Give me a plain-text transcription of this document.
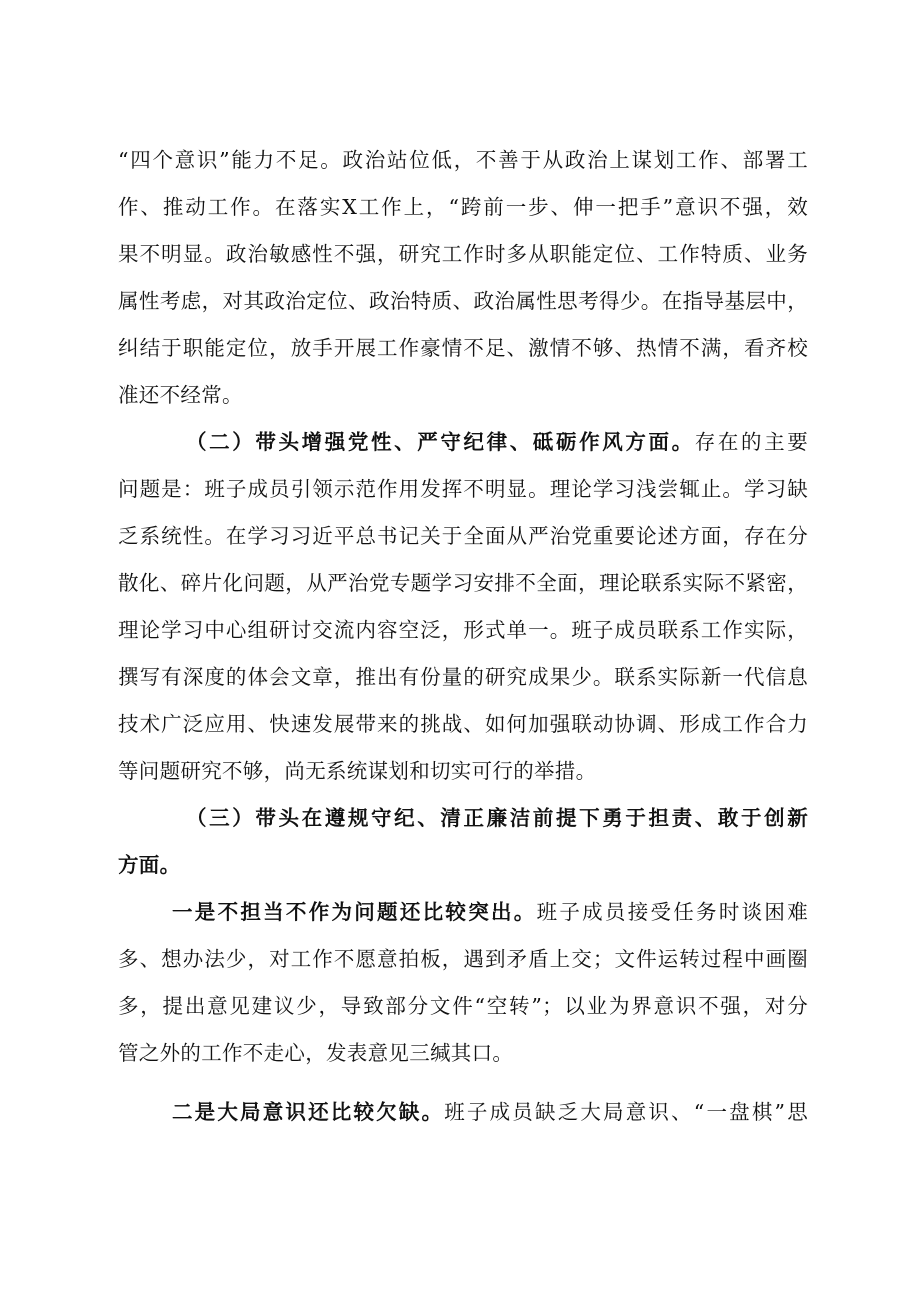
“四个意识”能力不足。政治站位低，不善于从政治上谋划工作、部署工
作、推动工作。在落实X工作上，“跨前一步、伸一把手”意识不强，效
果不明显。政治敏感性不强，研究工作时多从职能定位、工作特质、业务
属性考虑，对其政治定位、政治特质、政治属性思考得少。在指导基层中，
纠结于职能定位，放手开展工作豪情不足、激情不够、热情不满，看齐校
准还不经常。
（二）带头增强党性、严守纪律、砥砺作风方面。存在的主要
问题是：班子成员引领示范作用发挥不明显。理论学习浅尝辄止。学习缺
乏系统性。在学习习近平总书记关于全面从严治党重要论述方面，存在分
散化、碎片化问题，从严治党专题学习安排不全面，理论联系实际不紧密，
理论学习中心组研讨交流内容空泛，形式单一。班子成员联系工作实际，
撰写有深度的体会文章，推出有份量的研究成果少。联系实际新一代信息
技术广泛应用、快速发展带来的挑战、如何加强联动协调、形成工作合力
等问题研究不够，尚无系统谋划和切实可行的举措。
（三）带头在遵规守纪、清正廉洁前提下勇于担责、敢于创新
方面。
一是不担当不作为问题还比较突出。班子成员接受任务时谈困难
多、想办法少，对工作不愿意拍板，遇到矛盾上交；文件运转过程中画圈
多，提出意见建议少，导致部分文件“空转”；以业为界意识不强，对分
管之外的工作不走心，发表意见三缄其口。
二是大局意识还比较欠缺。班子成员缺乏大局意识、“一盘棋”思
